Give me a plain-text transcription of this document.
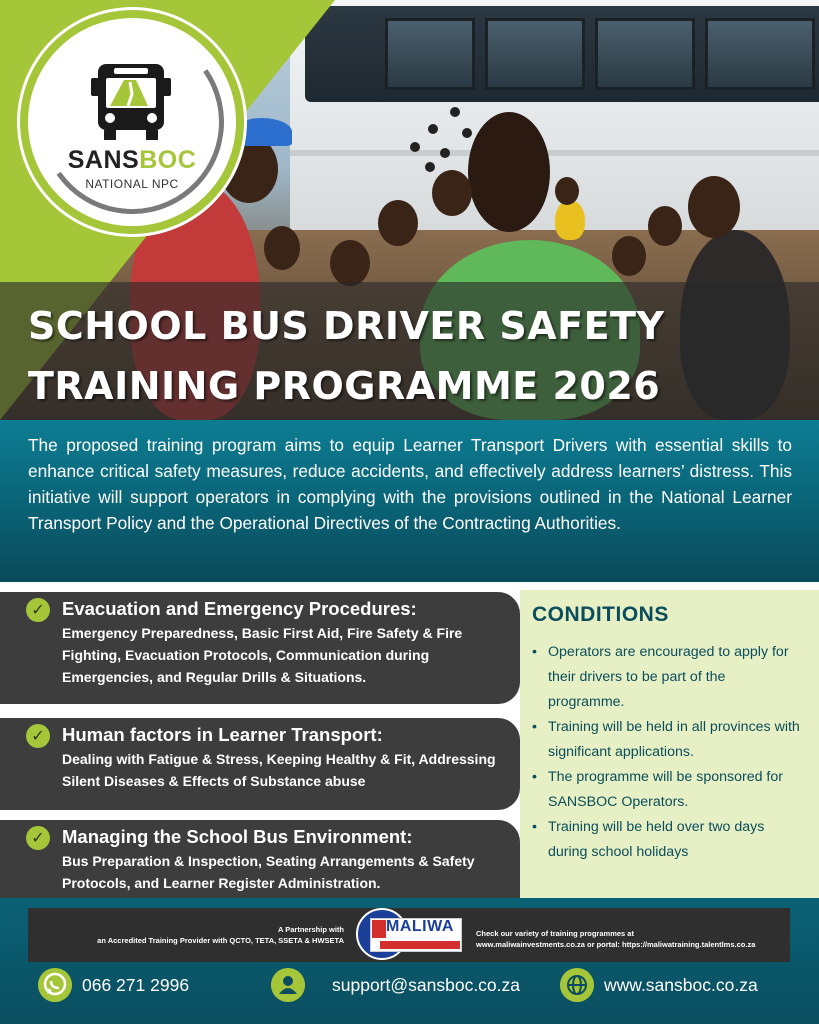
SANSBOC
NATIONAL NPC
SCHOOL BUS DRIVER SAFETY TRAINING PROGRAMME 2026

The proposed training program aims to equip Learner Transport Drivers with essential skills to enhance critical safety measures, reduce accidents, and effectively address learners’ distress. This initiative will support operators in complying with the provisions outlined in the National Learner Transport Policy and the Operational Directives of the Contracting Authorities.

✓ Evacuation and Emergency Procedures:
Emergency Preparedness, Basic First Aid, Fire Safety & Fire Fighting, Evacuation Protocols, Communication during Emergencies, and Regular Drills & Situations.
✓ Human factors in Learner Transport:
Dealing with Fatigue & Stress, Keeping Healthy & Fit, Addressing Silent Diseases & Effects of Substance abuse
✓ Managing the School Bus Environment:
Bus Preparation & Inspection, Seating Arrangements & Safety Protocols, and Learner Register Administration.
CONDITIONS
• Operators are encouraged to apply for their drivers to be part of the programme.
• Training will be held in all provinces with significant applications.
• The programme will be sponsored for SANSBOC Operators.
• Training will be held over two days during school holidays
A Partnership with
an Accredited Training Provider with QCTO, TETA, SSETA & HWSETA
MALIWA	Check our variety of training programmes at
www.maliwainvestments.co.za or portal: https://maliwatraining.talentlms.co.za
066 271 2996	support@sansboc.co.za	www.sansboc.co.za
